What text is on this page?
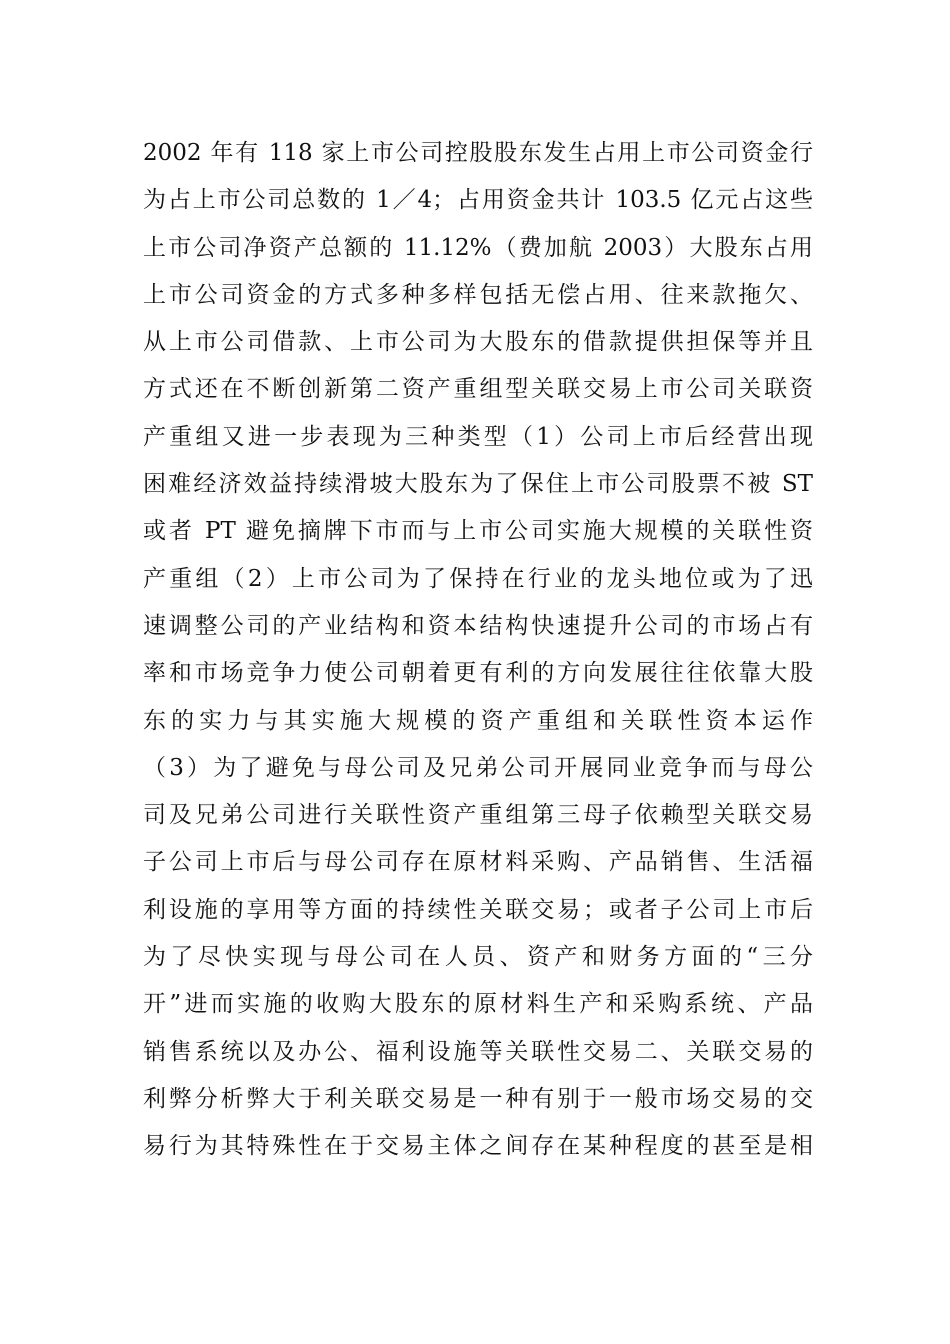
2002 年有 118 家上市公司控股股东发生占用上市公司资金行
为占上市公司总数的 1／4；占用资金共计 103.5 亿元占这些
上市公司净资产总额的 11.12%（费加航 2003）大股东占用
上市公司资金的方式多种多样包括无偿占用、往来款拖欠、
从上市公司借款、上市公司为大股东的借款提供担保等并且
方式还在不断创新第二资产重组型关联交易上市公司关联资
产重组又进一步表现为三种类型（1）公司上市后经营出现
困难经济效益持续滑坡大股东为了保住上市公司股票不被 ST
或者 PT 避免摘牌下市而与上市公司实施大规模的关联性资
产重组（2）上市公司为了保持在行业的龙头地位或为了迅
速调整公司的产业结构和资本结构快速提升公司的市场占有
率和市场竞争力使公司朝着更有利的方向发展往往依靠大股
东的实力与其实施大规模的资产重组和关联性资本运作
（3）为了避免与母公司及兄弟公司开展同业竞争而与母公
司及兄弟公司进行关联性资产重组第三母子依赖型关联交易
子公司上市后与母公司存在原材料采购、产品销售、生活福
利设施的享用等方面的持续性关联交易；或者子公司上市后
为了尽快实现与母公司在人员、资产和财务方面的“三分
开”进而实施的收购大股东的原材料生产和采购系统、产品
销售系统以及办公、福利设施等关联性交易二、关联交易的
利弊分析弊大于利关联交易是一种有别于一般市场交易的交
易行为其特殊性在于交易主体之间存在某种程度的甚至是相
